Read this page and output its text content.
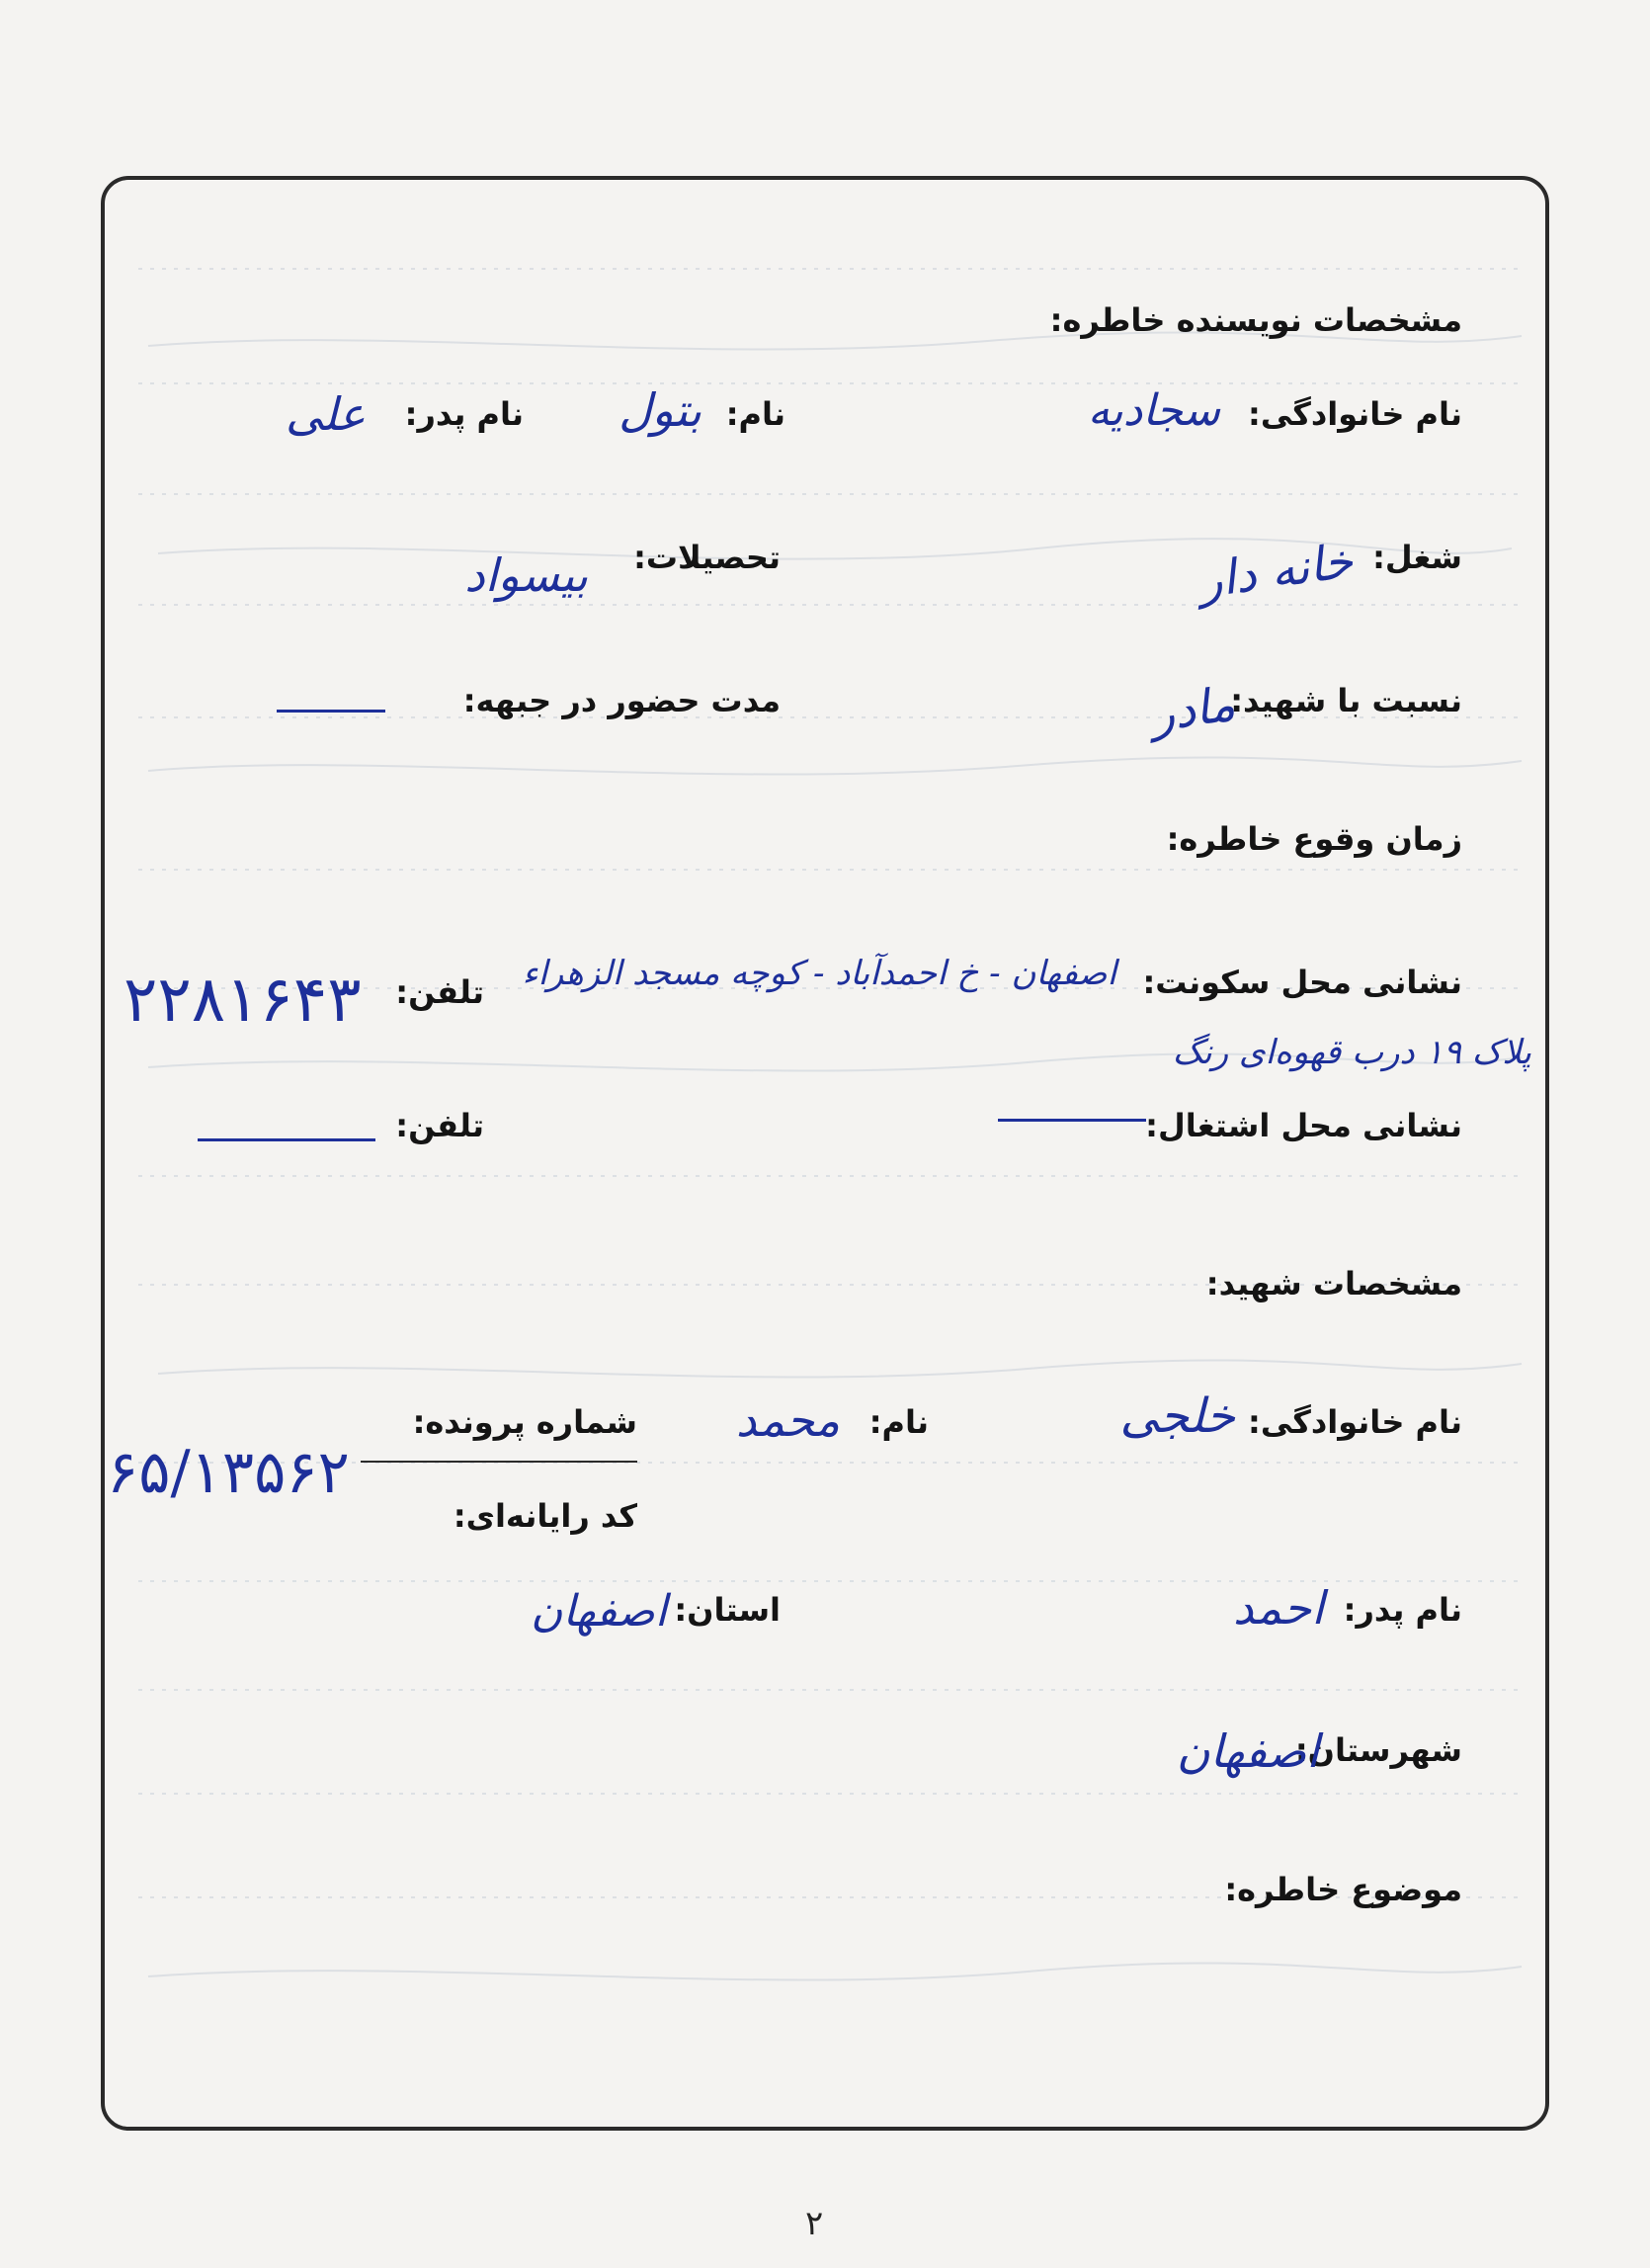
مشخصات نویسنده خاطره:
نام خانوادگی:
سجادیه
نام:
بتول
نام پدر:
علی
شغل:
خانه دار
تحصیلات:
بیسواد
نسبت با شهید:
مادر
مدت حضور در جبهه:
زمان وقوع خاطره:
نشانی محل سکونت:
اصفهان - خ احمدآباد - کوچه مسجد الزهراء
پلاک ۱۹ درب قهوه‌ای رنگ
تلفن:
۲۲۸۱۶۴۳
نشانی محل اشتغال:
تلفن:
مشخصات شهید:
نام خانوادگی:
خلجی
نام:
محمد
شماره پرونده:
۶۵/۱۳۵۶۲
کد رایانه‌ای:
نام پدر:
احمد
استان:
اصفهان
شهرستان:
اصفهان
موضوع خاطره:
۲
